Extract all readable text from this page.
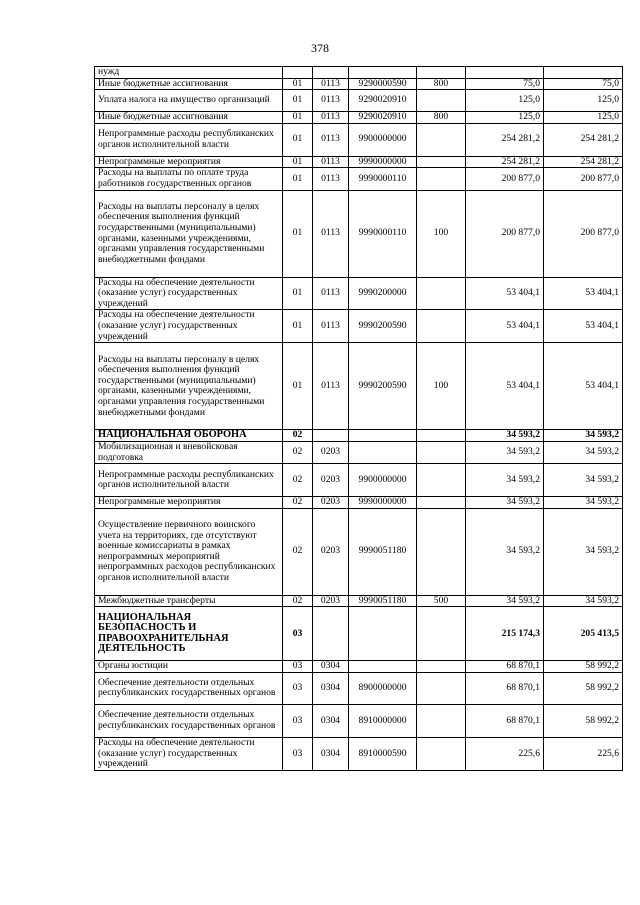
378
нужд						
Иные бюджетные ассигнования	01	0113	9290000590	800	75,0	75,0
Уплата налога на имущество организаций	01	0113	9290020910		125,0	125,0
Иные бюджетные ассигнования	01	0113	9290020910	800	125,0	125,0
Непрограммные расходы республиканских органов исполнительной власти	01	0113	9900000000		254 281,2	254 281,2
Непрограммные мероприятия	01	0113	9990000000		254 281,2	254 281,2
Расходы на выплаты по оплате труда работников государственных органов	01	0113	9990000110		200 877,0	200 877,0
Расходы на выплаты персоналу в целях обеспечения выполнения функций государственными (муниципальными) органами, казенными учреждениями, органами управления государственными внебюджетными фондами	01	0113	9990000110	100	200 877,0	200 877,0
Расходы на обеспечение деятельности (оказание услуг) государственных учреждений	01	0113	9990200000		53 404,1	53 404,1
Расходы на обеспечение деятельности (оказание услуг) государственных учреждений	01	0113	9990200590		53 404,1	53 404,1
Расходы на выплаты персоналу в целях обеспечения выполнения функций государственными (муниципальными) органами, казенными учреждениями, органами управления государственными внебюджетными фондами	01	0113	9990200590	100	53 404,1	53 404,1
НАЦИОНАЛЬНАЯ ОБОРОНА	02				34 593,2	34 593,2
Мобилизационная и вневойсковая подготовка	02	0203			34 593,2	34 593,2
Непрограммные расходы республиканских органов исполнительной власти	02	0203	9900000000		34 593,2	34 593,2
Непрограммные мероприятия	02	0203	9990000000		34 593,2	34 593,2
Осуществление первичного воинского учета на территориях, где отсутствуют военные комиссариаты в рамках непрограммных мероприятий непрограммных расходов республиканских органов исполнительной власти	02	0203	9990051180		34 593,2	34 593,2
Межбюджетные трансферты	02	0203	9990051180	500	34 593,2	34 593,2
НАЦИОНАЛЬНАЯ БЕЗОПАСНОСТЬ И ПРАВООХРАНИТЕЛЬНАЯ ДЕЯТЕЛЬНОСТЬ	03				215 174,3	205 413,5
Органы юстиции	03	0304			68 870,1	58 992,2
Обеспечение деятельности отдельных республиканских государственных органов	03	0304	8900000000		68 870,1	58 992,2
Обеспечение деятельности отдельных республиканских государственных органов	03	0304	8910000000		68 870,1	58 992,2
Расходы на обеспечение деятельности (оказание услуг) государственных учреждений	03	0304	8910000590		225,6	225,6
